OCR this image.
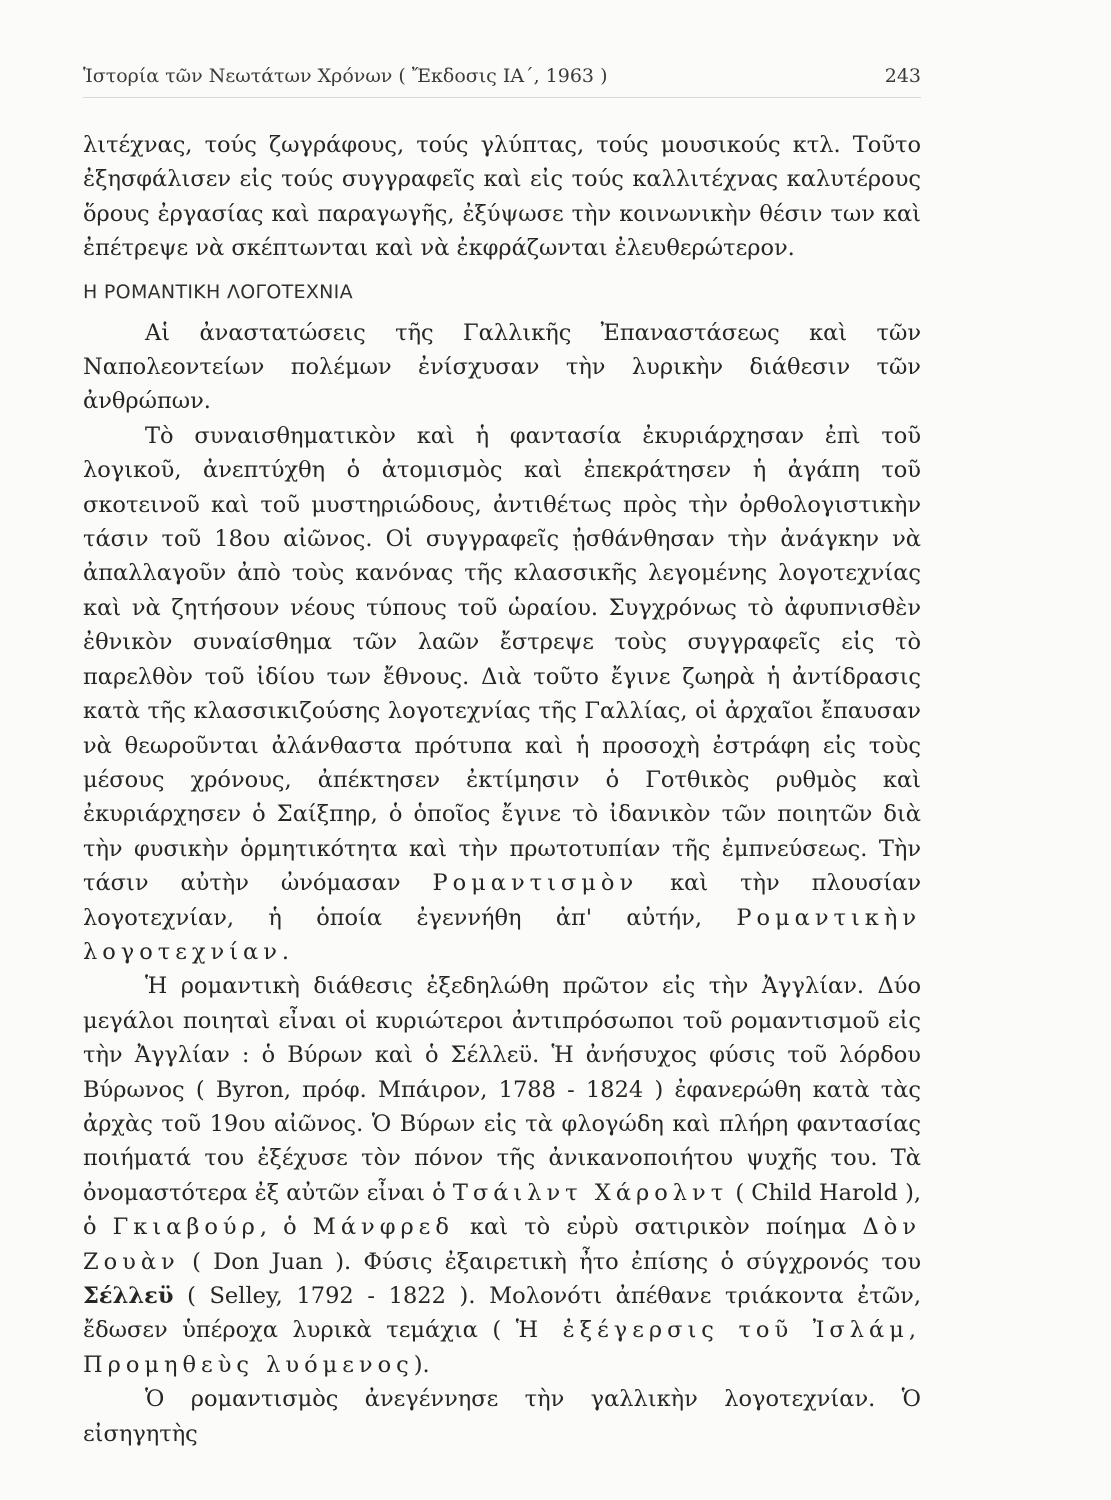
Ἱστορία τῶν Νεωτάτων Χρόνων ( Ἔκδοσις ΙΑ΄, 1963 )	243

λιτέχνας, τούς ζωγράφους, τούς γλύπτας, τούς μουσικούς κτλ. Τοῦτο ἐξησφάλισεν εἰς τούς συγγραφεῖς καὶ εἰς τούς καλλιτέχνας καλυτέρους ὅρους ἐργασίας καὶ παραγωγῆς, ἐξύψωσε τὴν κοινωνικὴν θέσιν των καὶ ἐπέτρεψε νὰ σκέπτωνται καὶ νὰ ἐκφράζωνται ἐλευθερώτερον.

Η ΡΟΜΑΝΤΙΚΗ ΛΟΓΟΤΕΧΝΙΑ

Αἱ ἀναστατώσεις τῆς Γαλλικῆς Ἐπαναστάσεως καὶ τῶν Ναπολεοντείων πολέμων ἐνίσχυσαν τὴν λυρικὴν διάθεσιν τῶν ἀνθρώπων.

Τὸ συναισθηματικὸν καὶ ἡ φαντασία ἐκυριάρχησαν ἐπὶ τοῦ λογικοῦ, ἀνεπτύχθη ὁ ἀτομισμὸς καὶ ἐπεκράτησεν ἡ ἀγάπη τοῦ σκοτεινοῦ καὶ τοῦ μυστηριώδους, ἀντιθέτως πρὸς τὴν ὀρθολογιστικὴν τάσιν τοῦ 18ου αἰῶνος. Οἱ συγγραφεῖς ᾐσθάνθησαν τὴν ἀνάγκην νὰ ἀπαλλαγοῦν ἀπὸ τοὺς κανόνας τῆς κλασσικῆς λεγομένης λογοτεχνίας καὶ νὰ ζητήσουν νέους τύπους τοῦ ὡραίου. Συγχρόνως τὸ ἀφυπνισθὲν ἐθνικὸν συναίσθημα τῶν λαῶν ἔστρεψε τοὺς συγγραφεῖς εἰς τὸ παρελθὸν τοῦ ἰδίου των ἔθνους. Διὰ τοῦτο ἔγινε ζωηρὰ ἡ ἀντίδρασις κατὰ τῆς κλασσικιζούσης λογοτεχνίας τῆς Γαλλίας, οἱ ἀρχαῖοι ἔπαυσαν νὰ θεωροῦνται ἀλάνθαστα πρότυπα καὶ ἡ προσοχὴ ἐστράφη εἰς τοὺς μέσους χρόνους, ἀπέκτησεν ἐκτίμησιν ὁ Γοτθικὸς ρυθμὸς καὶ ἐκυριάρχησεν ὁ Σαίξπηρ, ὁ ὁποῖος ἔγινε τὸ ἰδανικὸν τῶν ποιητῶν διὰ τὴν φυσικὴν ὁρμητικότητα καὶ τὴν πρωτοτυπίαν τῆς ἐμπνεύσεως. Τὴν τάσιν αὐτὴν ὠνόμασαν Ρομαντισμὸν καὶ τὴν πλουσίαν λογοτεχνίαν, ἡ ὁποία ἐγεννήθη ἀπ' αὐτήν, Ρομαντικὴν λογοτεχνίαν.

Ἡ ρομαντικὴ διάθεσις ἐξεδηλώθη πρῶτον εἰς τὴν Ἀγγλίαν. Δύο μεγάλοι ποιηταὶ εἶναι οἱ κυριώτεροι ἀντιπρόσωποι τοῦ ρομαντισμοῦ εἰς τὴν Ἀγγλίαν : ὁ Βύρων καὶ ὁ Σέλλεϋ. Ἡ ἀνήσυχος φύσις τοῦ λόρδου Βύρωνος ( Byron, πρόφ. Μπάιρον, 1788 - 1824 ) ἐφανερώθη κατὰ τὰς ἀρχὰς τοῦ 19ου αἰῶνος. Ὁ Βύρων εἰς τὰ φλογώδη καὶ πλήρη φαντασίας ποιήματά του ἐξέχυσε τὸν πόνον τῆς ἀνικανοποιήτου ψυχῆς του. Τὰ ὀνομαστότερα ἐξ αὐτῶν εἶναι ὁ Τσάιλντ Χάρολντ ( Child Harold ), ὁ Γκιαβούρ, ὁ Μάνφρεδ καὶ τὸ εὐρὺ σατιρικὸν ποίημα Δὸν Ζουὰν ( Don Juan ). Φύσις ἐξαιρετικὴ ἦτο ἐπίσης ὁ σύγχρονός του Σέλλεϋ ( Selley, 1792 - 1822 ). Μολονότι ἀπέθανε τριάκοντα ἐτῶν, ἔδωσεν ὑπέροχα λυρικὰ τεμάχια ( Ἡ ἐξέγερσις τοῦ Ἰσλάμ, Προμηθεὺς λυόμενος).

Ὁ ρομαντισμὸς ἀνεγέννησε τὴν γαλλικὴν λογοτεχνίαν. Ὁ εἰσηγητὴς
